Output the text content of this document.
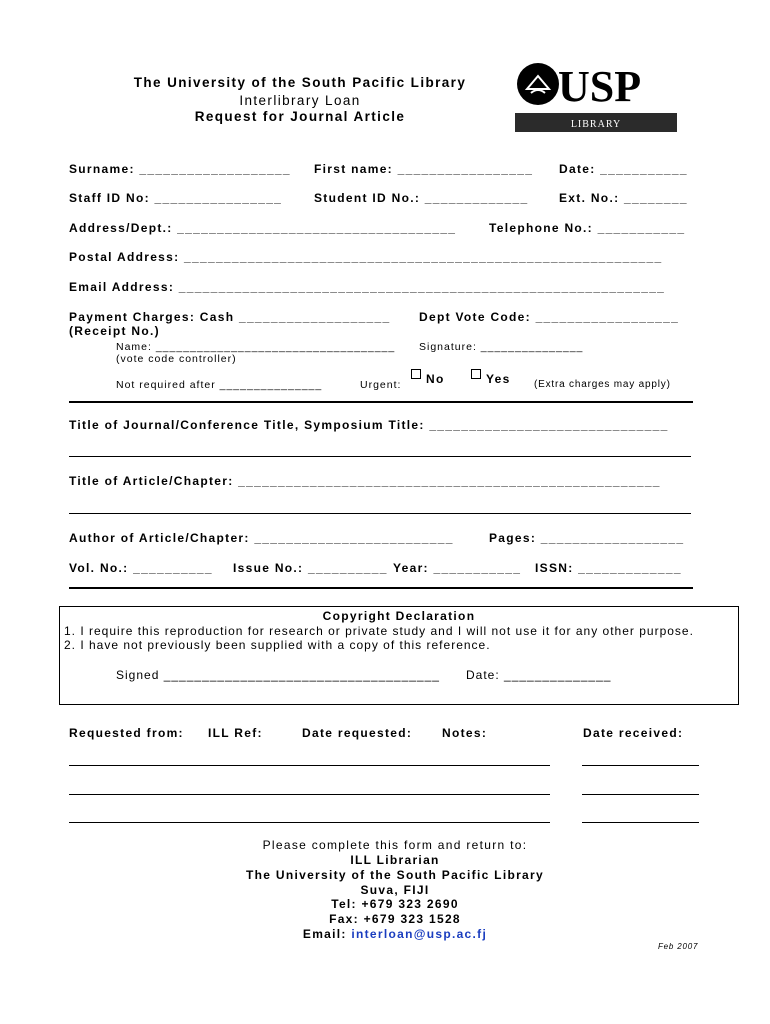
The University of the South Pacific Library
Interlibrary Loan
Request for Journal Article
USP
LIBRARY
Surname: ___________________ First name: _________________ Date: ___________
Staff ID No: ________________	Student ID No.: _____________	Ext. No.: ________
Address/Dept.: ___________________________________	Telephone No.: ___________
Postal Address: ____________________________________________________________
Email Address: _____________________________________________________________
Payment Charges: Cash ___________________
(Receipt No.)
Dept Vote Code: __________________
Name: ___________________________________
(vote code controller)
Signature: _______________
Not required after _______________	Urgent:	No	Yes (Extra charges may apply)
Title of Journal/Conference Title, Symposium Title: ______________________________
Title of Article/Chapter: _____________________________________________________
Author of Article/Chapter: _________________________	Pages: __________________
Vol. No.: __________ Issue No.: __________ Year: ___________ ISSN: _____________
Copyright Declaration
1. I require this reproduction for research or private study and I will not use it for any other purpose.
2. I have not previously been supplied with a copy of this reference.
Signed ____________________________________ Date: ______________
Requested from: ILL Ref:	Date requested: Notes:	Date received:
Please complete this form and return to:
ILL Librarian
The University of the South Pacific Library
Suva, FIJI
Tel: +679 323 2690
Fax: +679 323 1528
Email: interloan@usp.ac.fj
Feb 2007
